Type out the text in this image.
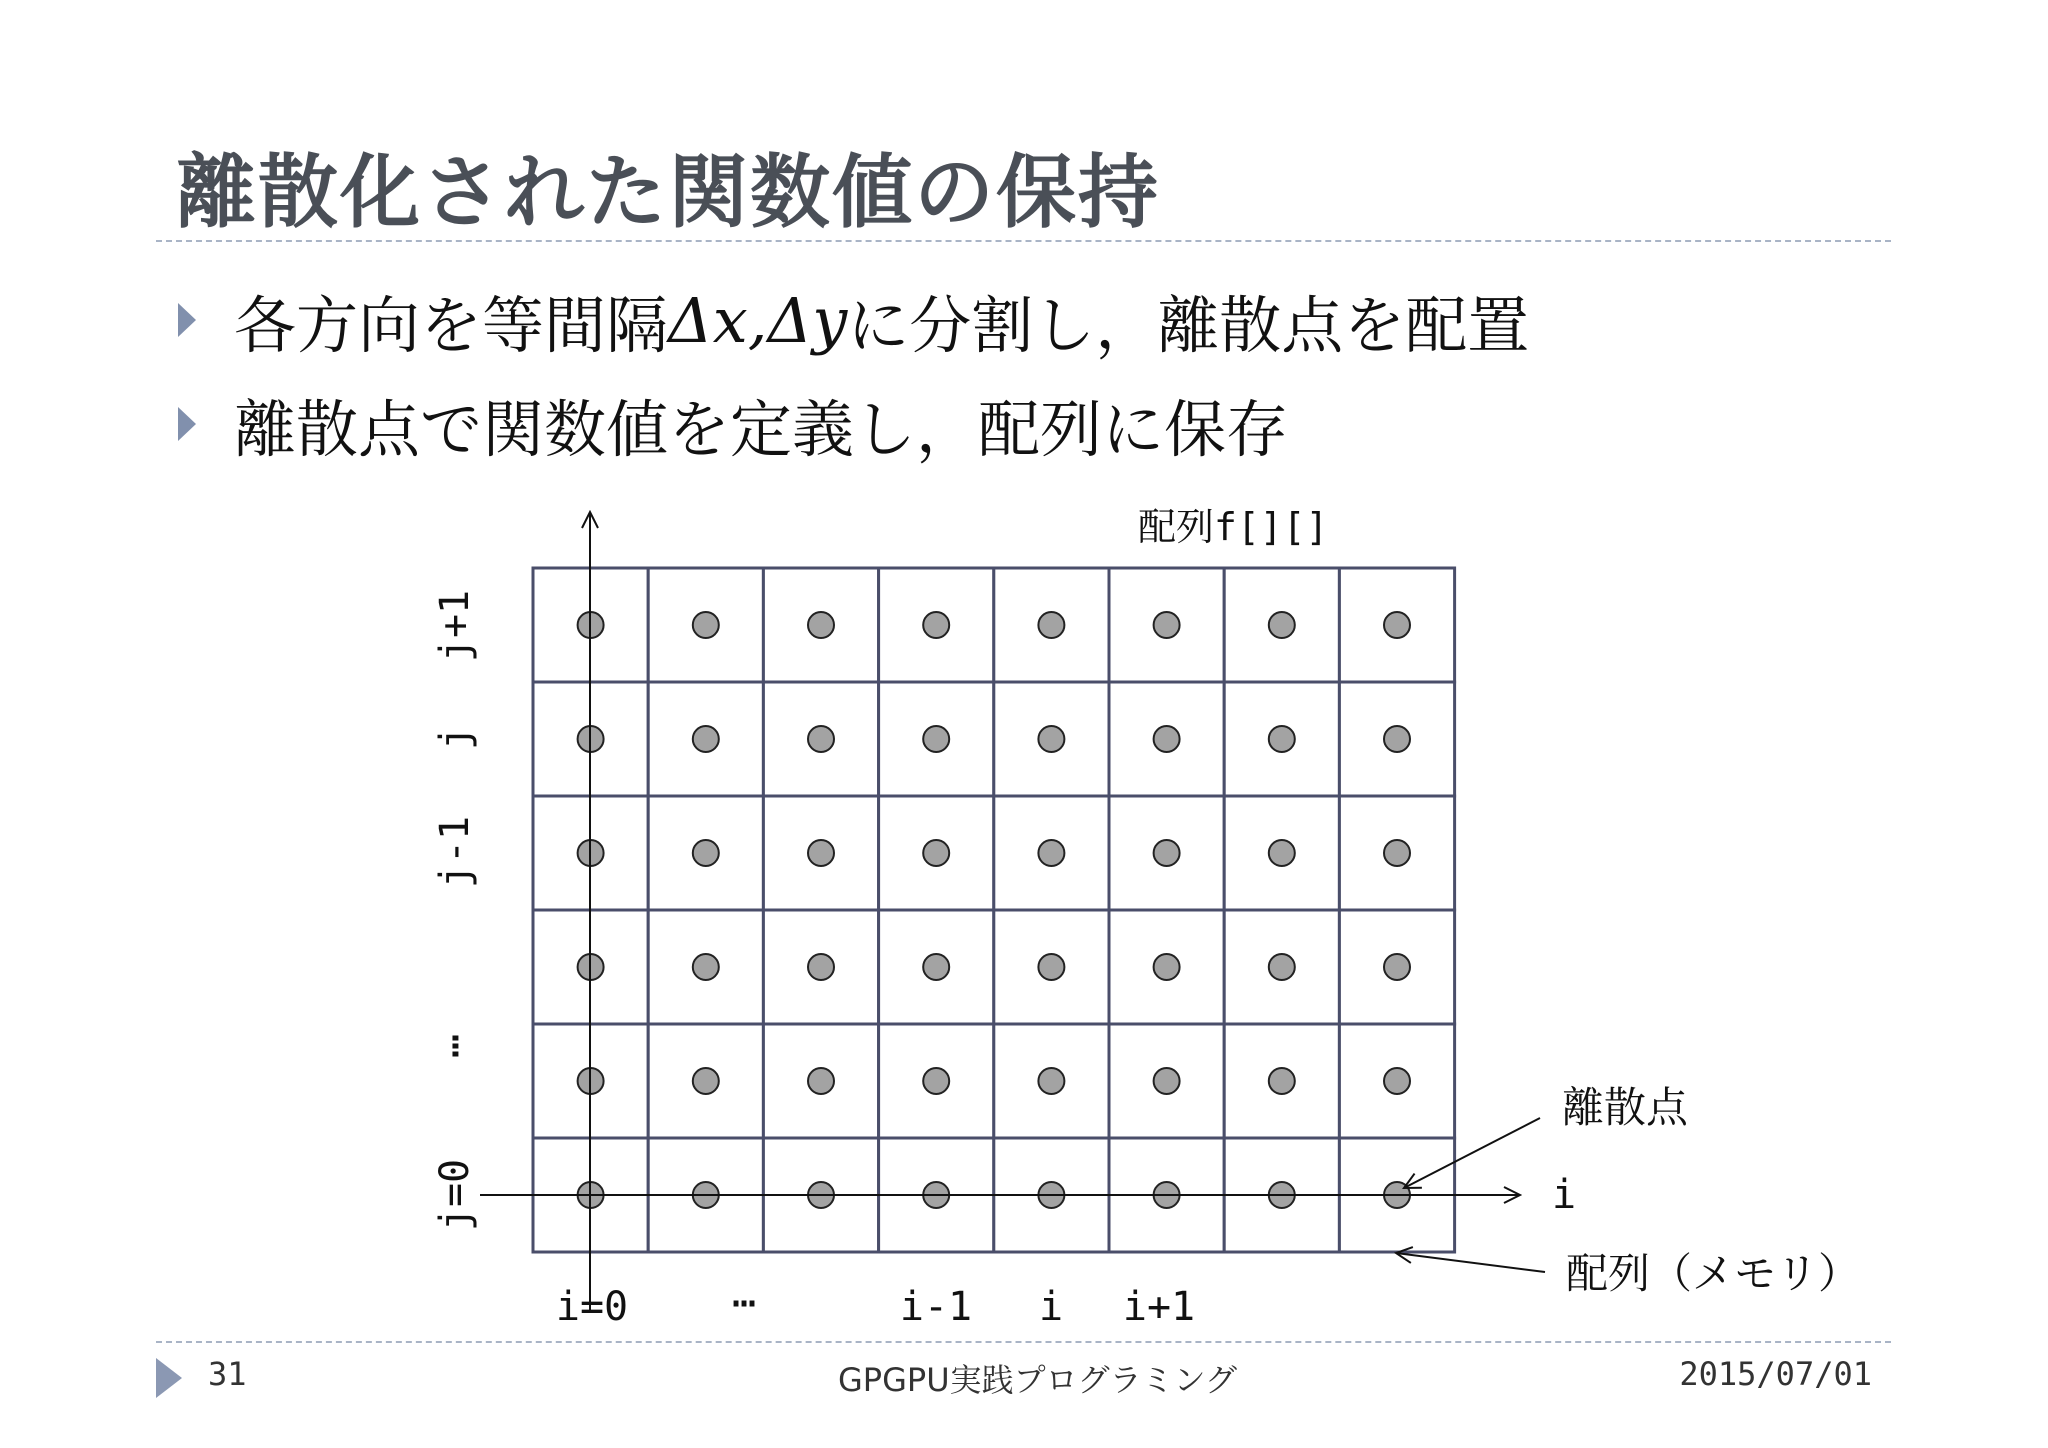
離散化された関数値の保持
各方向を等間隔 Δx , Δy に分割し，離散点を配置
離散点で関数値を定義し，配列に保存
配列f[][]
i
i=0	⋯	i-1 i i+1
j=0
⋯
j-1
j
j+1
離散点
配列（メモリ）
31	GPGPU実践プログラミング	2015/07/01
